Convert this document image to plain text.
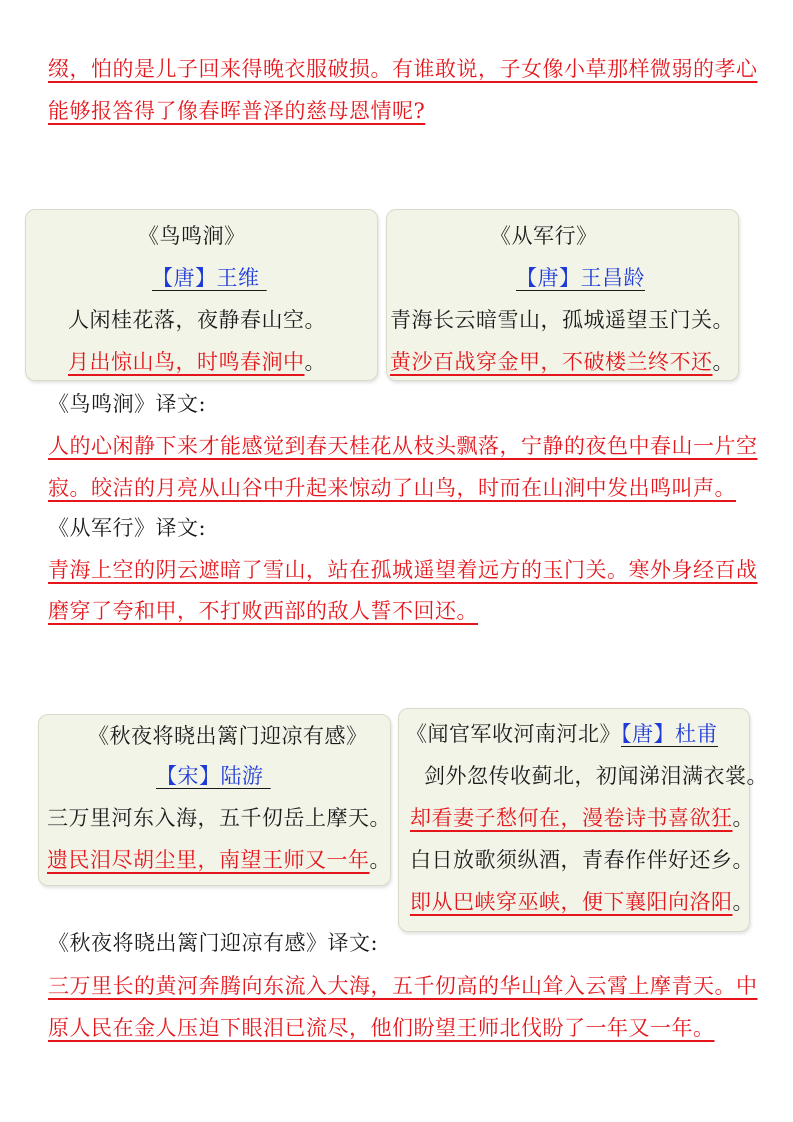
缀，怕的是儿子回来得晚衣服破损。有谁敢说，子女像小草那样微弱的孝心
能够报答得了像春晖普泽的慈母恩情呢?
《鸟鸣涧》
【唐】王维
人闲桂花落，夜静春山空。
月出惊山鸟，时鸣春涧中。
《从军行》
【唐】王昌龄
青海长云暗雪山，孤城遥望玉门关。
黄沙百战穿金甲，不破楼兰终不还。
《鸟鸣涧》译文:
人的心闲静下来才能感觉到春天桂花从枝头飘落，宁静的夜色中春山一片空
寂。皎洁的月亮从山谷中升起来惊动了山鸟，时而在山涧中发出鸣叫声。
《从军行》译文:
青海上空的阴云遮暗了雪山，站在孤城遥望着远方的玉门关。寒外身经百战
磨穿了夸和甲，不打败西部的敌人誓不回还。
《秋夜将晓出篱门迎凉有感》
【宋】陆游
三万里河东入海，五千仞岳上摩天。
遗民泪尽胡尘里，南望王师又一年。
《闻官军收河南河北》【唐】杜甫
剑外忽传收蓟北，初闻涕泪满衣裳。
却看妻子愁何在，漫卷诗书喜欲狂。
白日放歌须纵酒，青春作伴好还乡。
即从巴峡穿巫峡，便下襄阳向洛阳。
《秋夜将晓出篱门迎凉有感》译文:
三万里长的黄河奔腾向东流入大海，五千仞高的华山耸入云霄上摩青天。中
原人民在金人压迫下眼泪已流尽，他们盼望王师北伐盼了一年又一年。
